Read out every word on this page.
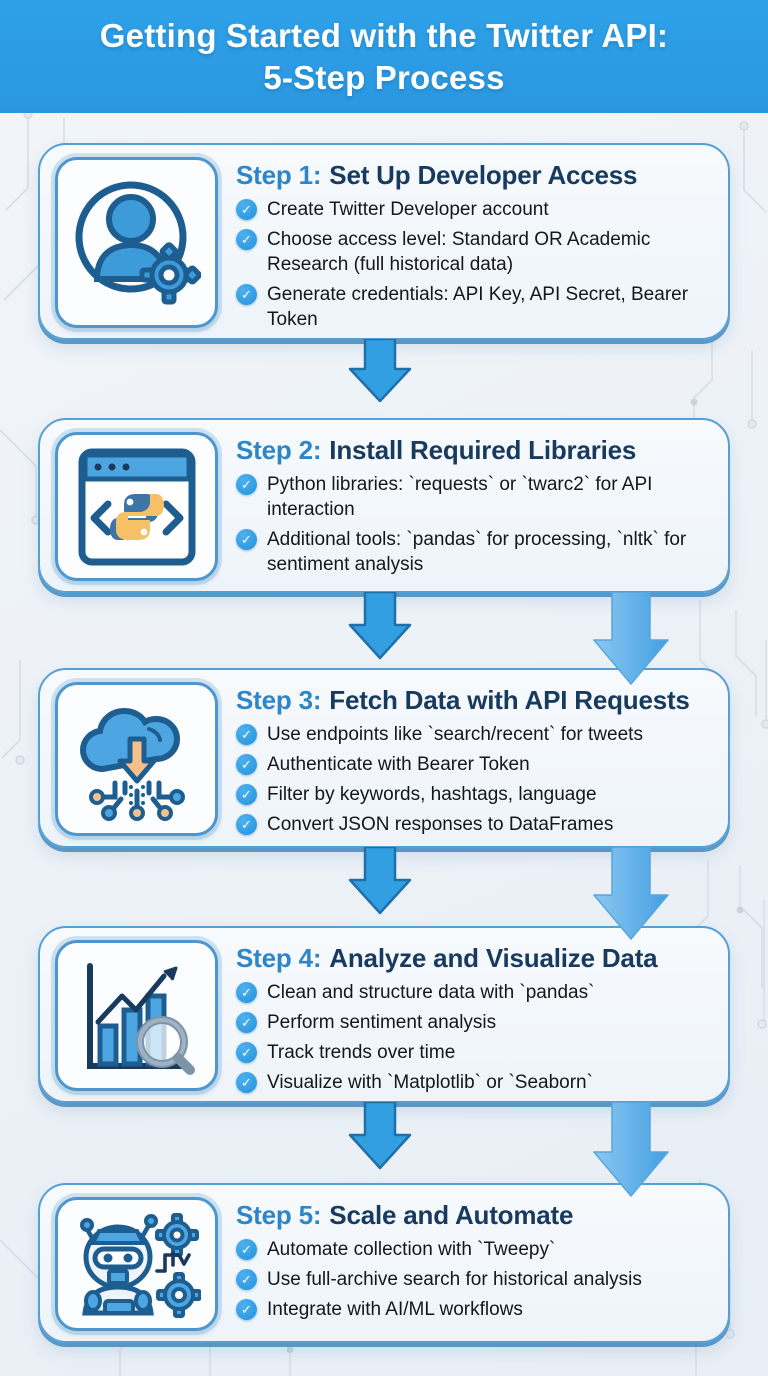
Getting Started with the Twitter API:
5-Step Process
Step 1: Set Up Developer Access
✓ Create Twitter Developer account
✓ Choose access level: Standard OR Academic Research (full historical data)
✓ Generate credentials: API Key, API Secret, Bearer Token
Step 2: Install Required Libraries
✓ Python libraries: `requests` or `twarc2` for API interaction
✓ Additional tools: `pandas` for processing, `nltk` for sentiment analysis
Step 3: Fetch Data with API Requests
✓ Use endpoints like `search/recent` for tweets
✓ Authenticate with Bearer Token
✓ Filter by keywords, hashtags, language
✓ Convert JSON responses to DataFrames
Step 4: Analyze and Visualize Data
✓ Clean and structure data with `pandas`
✓ Perform sentiment analysis
✓ Track trends over time
✓ Visualize with `Matplotlib` or `Seaborn`
Step 5: Scale and Automate
✓ Automate collection with `Tweepy`
✓ Use full-archive search for historical analysis
✓ Integrate with AI/ML workflows
